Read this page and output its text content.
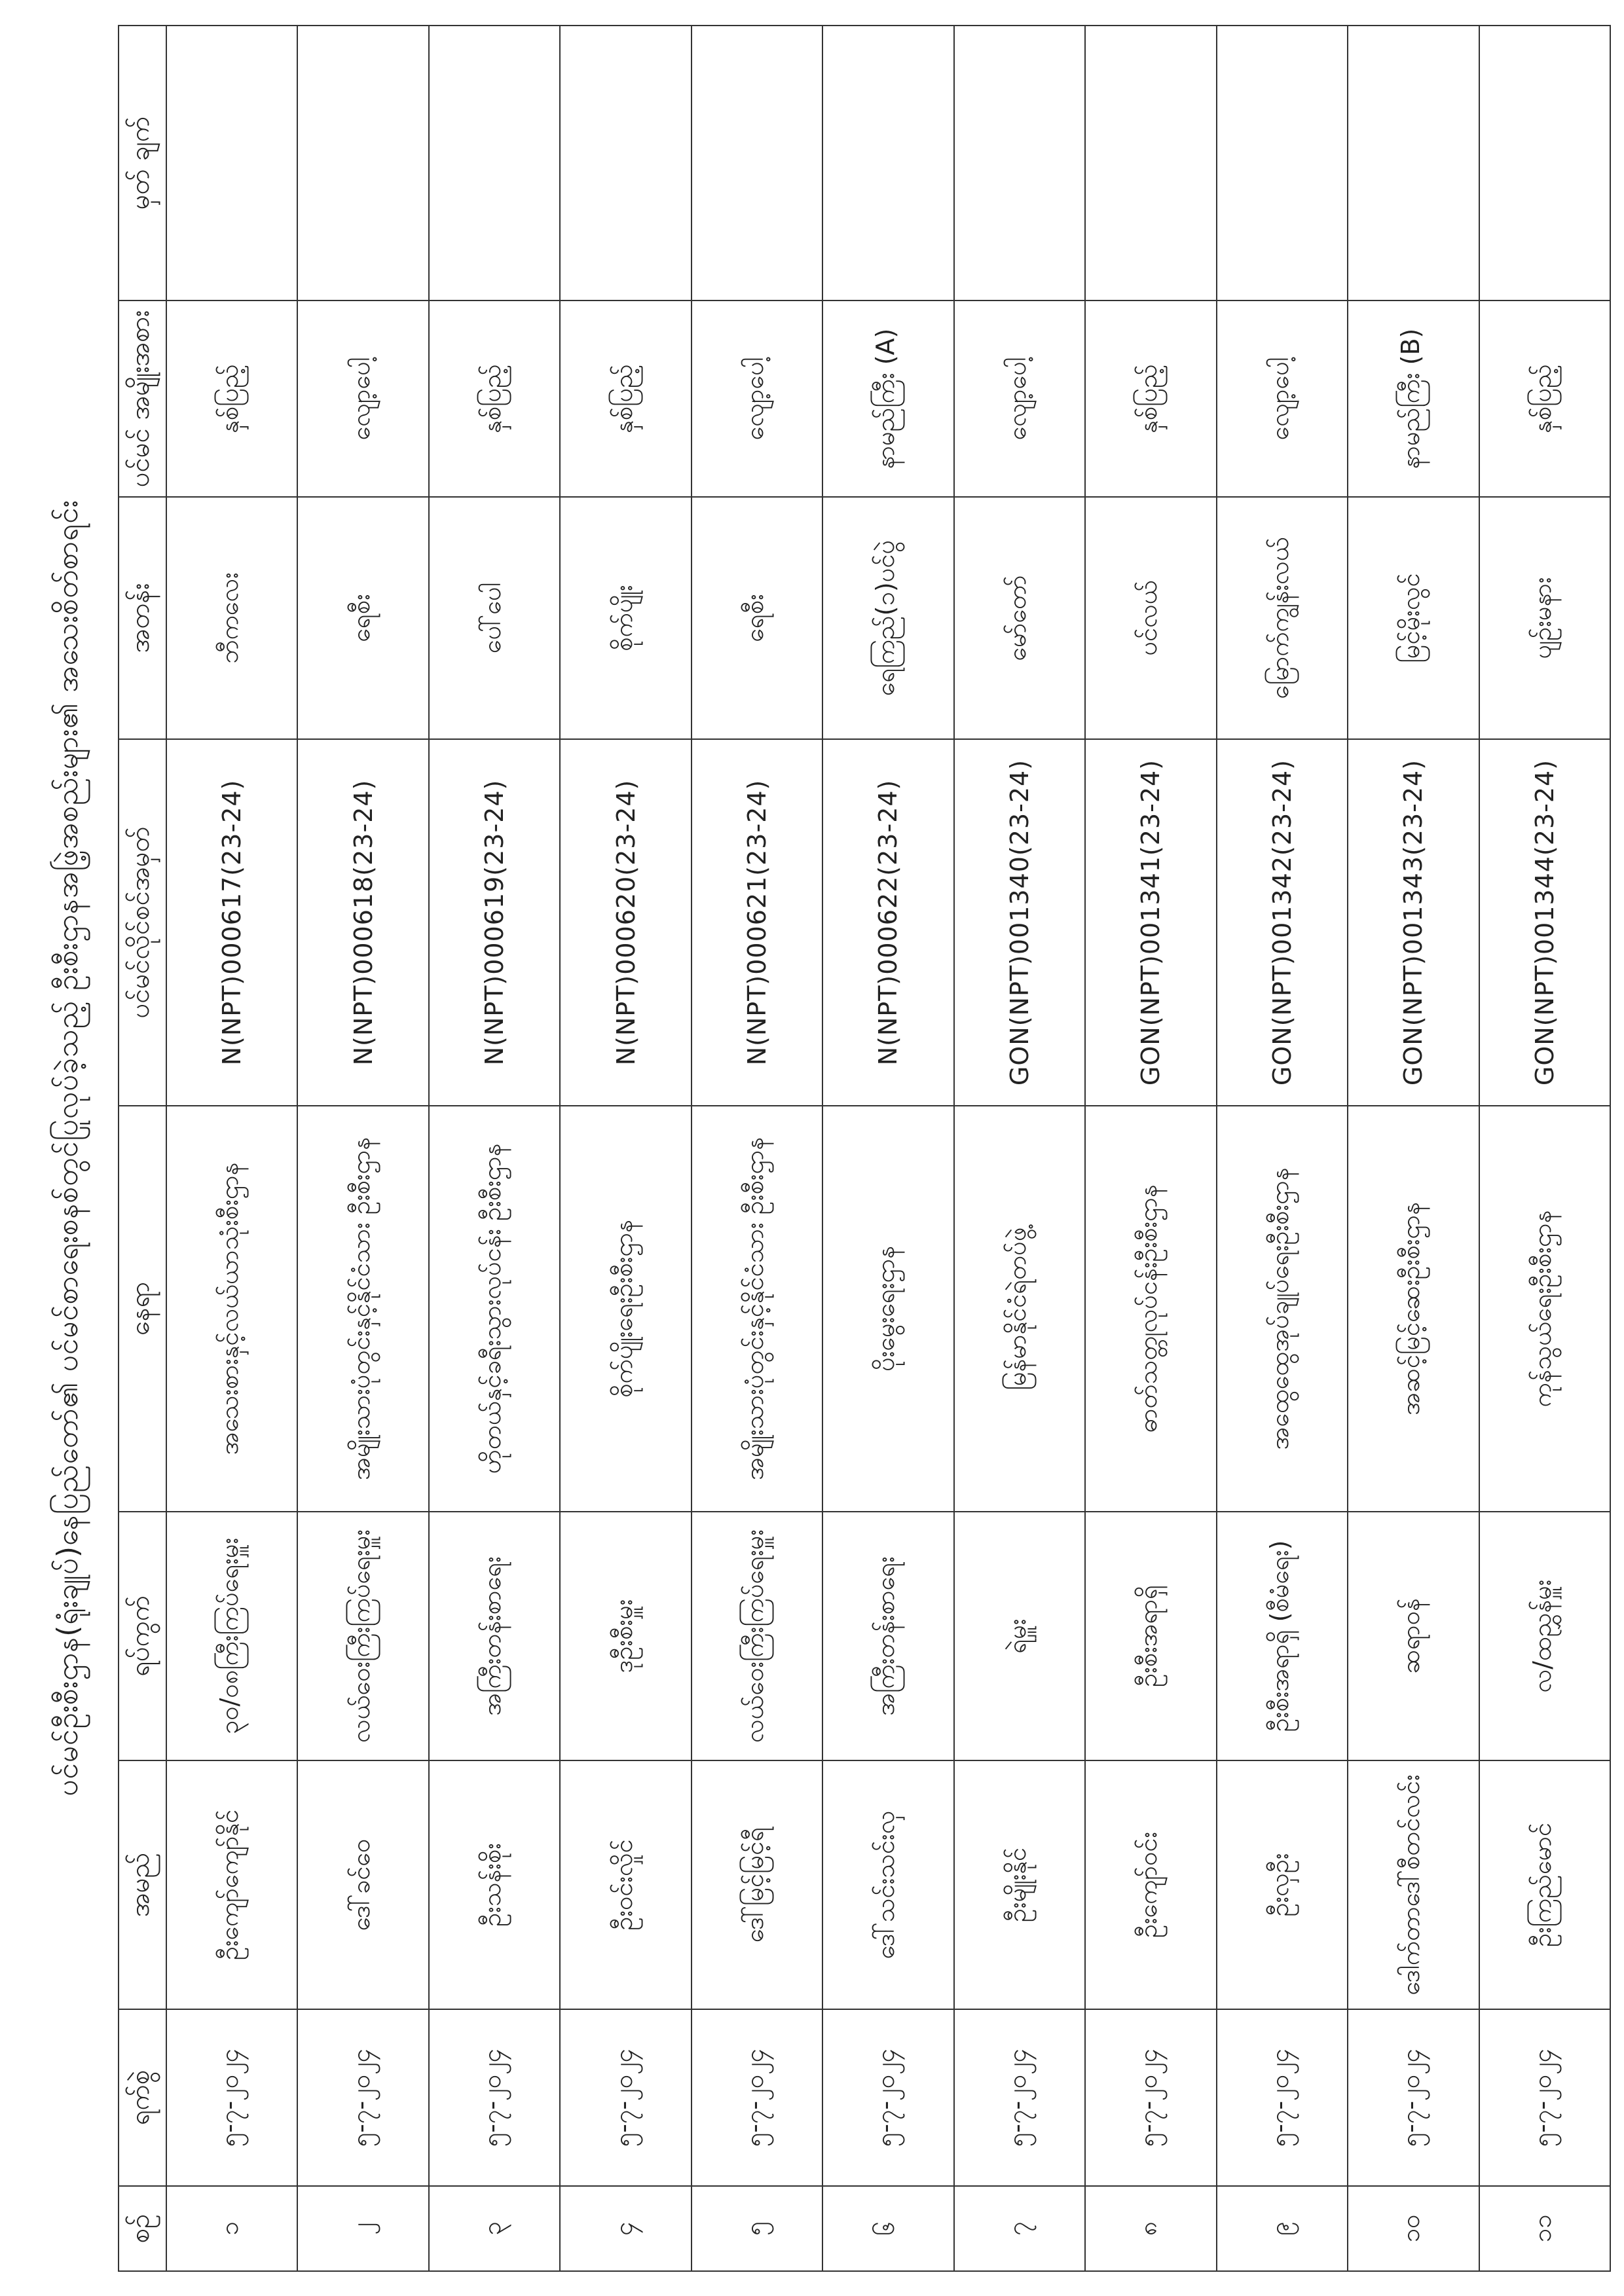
ပင်မင်ဦးစီးဌာန(ရုံးချုပ်)နေပြည်တော်၏ ပင်မင်စာရေးစနစ်တွင်ပြုလုပ်ခဲ့သည့် ဦးစီးဌာနအဖြဲ့အစည်းများ၏ အသေးစိတ်စာရင်း
စဉ်	ရက်စွဲ	အမည်	ရပ်ကွက်	နေရာ	ပင်မင်လိုင်စင်အမှတ်	အတန်း	ပင်မင် အမျိုးအစား	မှတ် ချက်
၁	၅-၇-၂၀၂၄	ဦးကျော်ကျော်နိုင်	၃၀/၀၈ကြီးကြပ်ရေးမှူး	အသေးစားနှင့်လယ်ယာသုံးစီးဌာန	N(NPT)000617(23-24)	ဘီကလေး	နှစ်ပြည့်	
၂	၅-၇-၂၀၂၄	ဒေါ်ခင်ဝေ	လယ်ဝေးကြီးကြပ်ရေးမှူး	အမျိုးသားပုံတွင်းနှင့်နိုင်ငံသား ဦးစီးဌာန	N(NPT)000618(23-24)	ရေစီး	လျော့ပေါ့	
၃	၅-၇-၂၀၂၄	ဦးသန်းစိုး	အကြီးတန်းစာရေး	ဟိုတယ်နှင့်ခရီးသွားလုပ်ငန်း ဦးစီးဌာန	N(NPT)000619(23-24)	ပေါ်ပေါ	နှစ်ပြည့်	
၄	၅-၇-၂၀၂၄	ဦးဝင်းလှိုင်	ဒုဦးစီးမှူး	စိုက်ပျိုးရေးဦးစီးဌာန	N(NPT)000620(23-24)	စိုက်ပျိုး	နှစ်ပြည့်	
၅	၅-၇-၂၀၂၄	ဒေါ်မြင့်မြင့်ရီ	လယ်ဝေးကြီးကြပ်ရေးမှူး	အမျိုးသားပုံတွင်းနှင့်နိုင်ငံသား ဦးစီးဌာန	N(NPT)000621(23-24)	ရေစီး	လျော့ပေါ့	
၆	၅-၇-၂၀၂၄	ဒေါ်သင်းသင်းလှ	အကြီးတန်းစာရေး	ပိုးမွေးရေးဌာန	N(NPT)000622(23-24)	ရေကြည်(၁)ပင်ပွဲ	နာမည်ကြီး (A)	
၇	၅-၇-၂၀၂၄	ဦးမျိုးနိုင်	ရဲမှူး	မြန်မာနိုင်ငံရဲတပ်ဖွဲ့	GON(NPT)001340(23-24)	မော်တော်	လျော့ပေါ့	
၈	၅-၇-၂၀၂၄	ဦးကျော်ဝင်း	ဦးစီးအရာရှိ	ဓာတ်သတ္တုလုပ်ငန်းဦးစီးဌာန	GON(NPT)001341(23-24)	ပင်လယ်	နှစ်ပြည့်	
၉	၅-၇-၂၀၂၄	ဦးလှဦး	ဦးစီးအရာရှိ (စီမံရေး)	အထွေထွေအုပ်ချုပ်ရေးဦးစီးဌာန	GON(NPT)001342(23-24)	မြောက်ကျွန်းလယ်	လျော့ပေါ့	
၁၀	၅-၇-၂၀၂၄	ဒေါက်တာဒေါ်စီတင်လင်း	ဆရာဝန်	အဆင့်မြင့်ဆေးဦးစီးဌာန	GON(NPT)001343(23-24)	မြင့်မိုးလွင်	နာမည်ကြီး (B)	
၁၁	၅-၇-၂၀၂၄	ဦးကြည်မောင်	လ/ထညွှန်မှူး	ကုန်သွယ်ရေးဦးစီးဌာန	GON(NPT)001344(23-24)	ပျဉ်းမနား	နှစ်ပြည့်	
